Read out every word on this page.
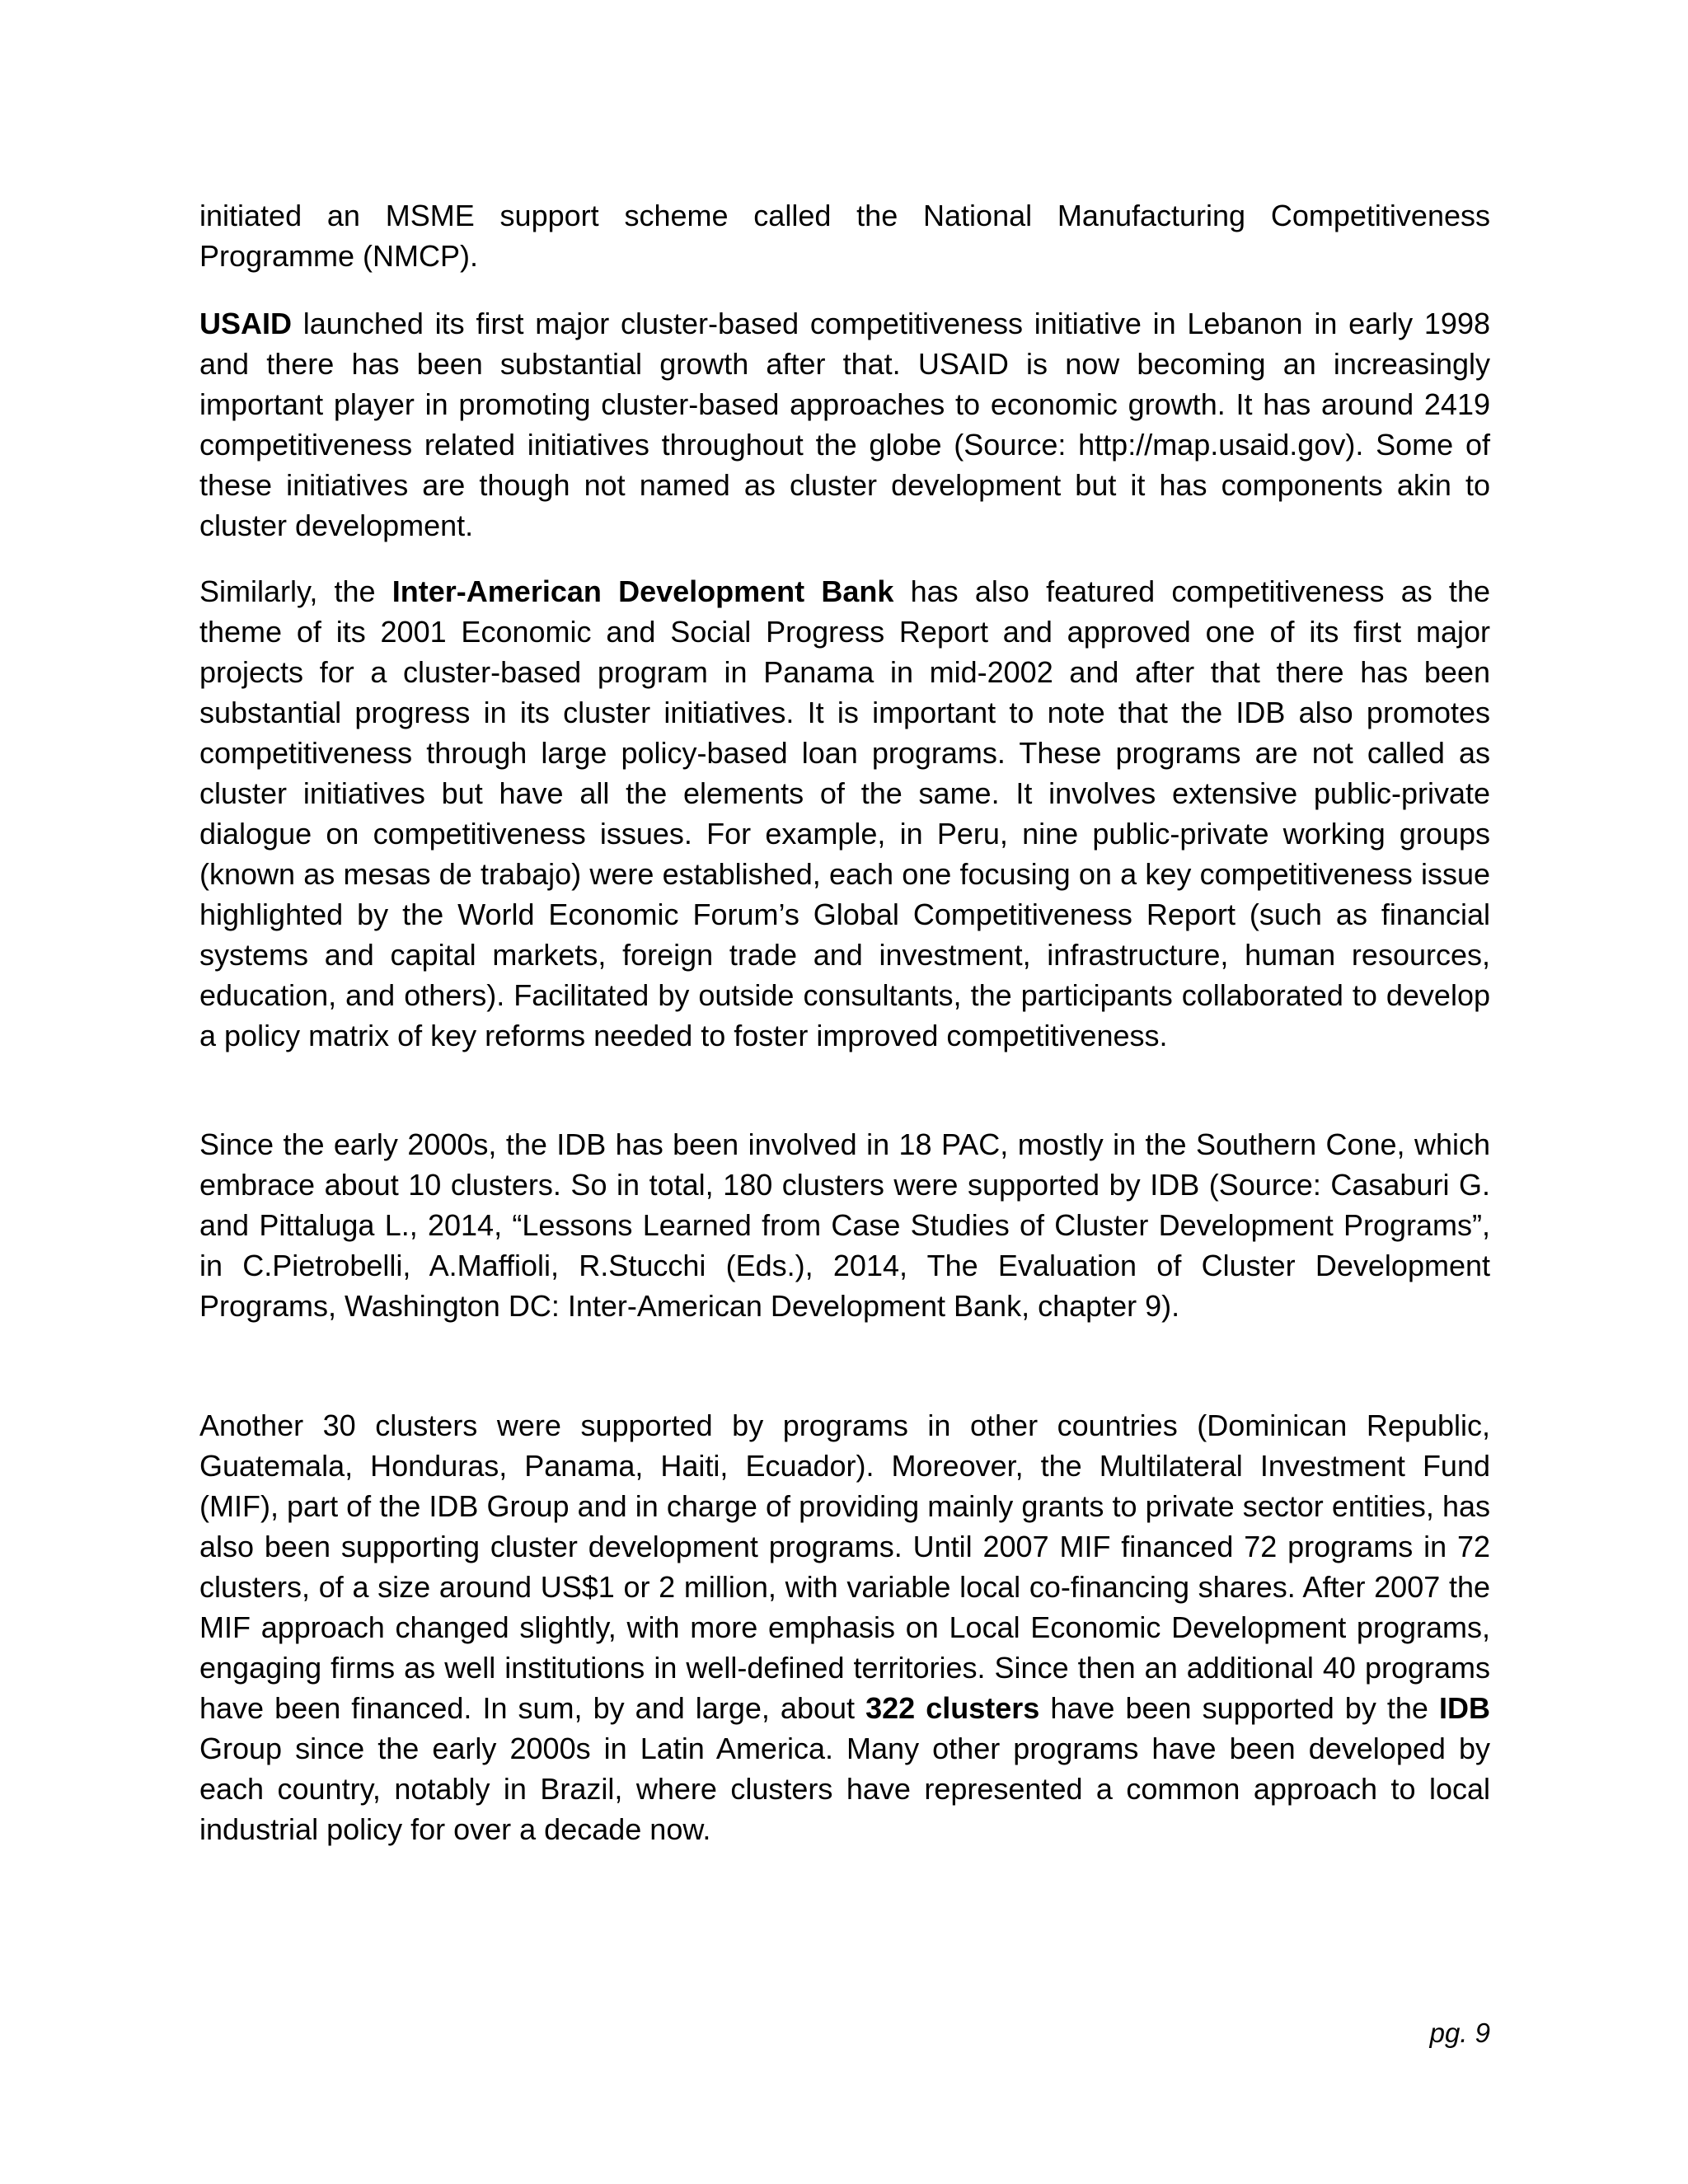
initiated an MSME support scheme called the National Manufacturing Competitiveness Programme (NMCP).

USAID launched its first major cluster-based competitiveness initiative in Lebanon in early 1998 and there has been substantial growth after that. USAID is now becoming an increasingly important player in promoting cluster-based approaches to economic growth. It has around 2419 competitiveness related initiatives throughout the globe (Source: http://map.usaid.gov). Some of these initiatives are though not named as cluster development but it has components akin to cluster development.

Similarly, the Inter-American Development Bank has also featured competitiveness as the theme of its 2001 Economic and Social Progress Report and approved one of its first major projects for a cluster-based program in Panama in mid-2002 and after that there has been substantial progress in its cluster initiatives. It is important to note that the IDB also promotes competitiveness through large policy-based loan programs. These programs are not called as cluster initiatives but have all the elements of the same. It involves extensive public-private dialogue on competitiveness issues. For example, in Peru, nine public-private working groups (known as mesas de trabajo) were established, each one focusing on a key competitiveness issue highlighted by the World Economic Forum’s Global Competitiveness Report (such as financial systems and capital markets, foreign trade and investment, infrastructure, human resources, education, and others). Facilitated by outside consultants, the participants collaborated to develop a policy matrix of key reforms needed to foster improved competitiveness.

Since the early 2000s, the IDB has been involved in 18 PAC, mostly in the Southern Cone, which embrace about 10 clusters. So in total, 180 clusters were supported by IDB (Source: Casaburi G. and Pittaluga L., 2014, “Lessons Learned from Case Studies of Cluster Development Programs”, in C.Pietrobelli, A.Maffioli, R.Stucchi (Eds.), 2014, The Evaluation of Cluster Development Programs, Washington DC: Inter-American Development Bank, chapter 9).

Another 30 clusters were supported by programs in other countries (Dominican Republic, Guatemala, Honduras, Panama, Haiti, Ecuador). Moreover, the Multilateral Investment Fund (MIF), part of the IDB Group and in charge of providing mainly grants to private sector entities, has also been supporting cluster development programs. Until 2007 MIF financed 72 programs in 72 clusters, of a size around US$1 or 2 million, with variable local co-financing shares. After 2007 the MIF approach changed slightly, with more emphasis on Local Economic Development programs, engaging firms as well institutions in well-defined territories. Since then an additional 40 programs have been financed. In sum, by and large, about 322 clusters have been supported by the IDB Group since the early 2000s in Latin America. Many other programs have been developed by each country, notably in Brazil, where clusters have represented a common approach to local industrial policy for over a decade now.

pg. 9
